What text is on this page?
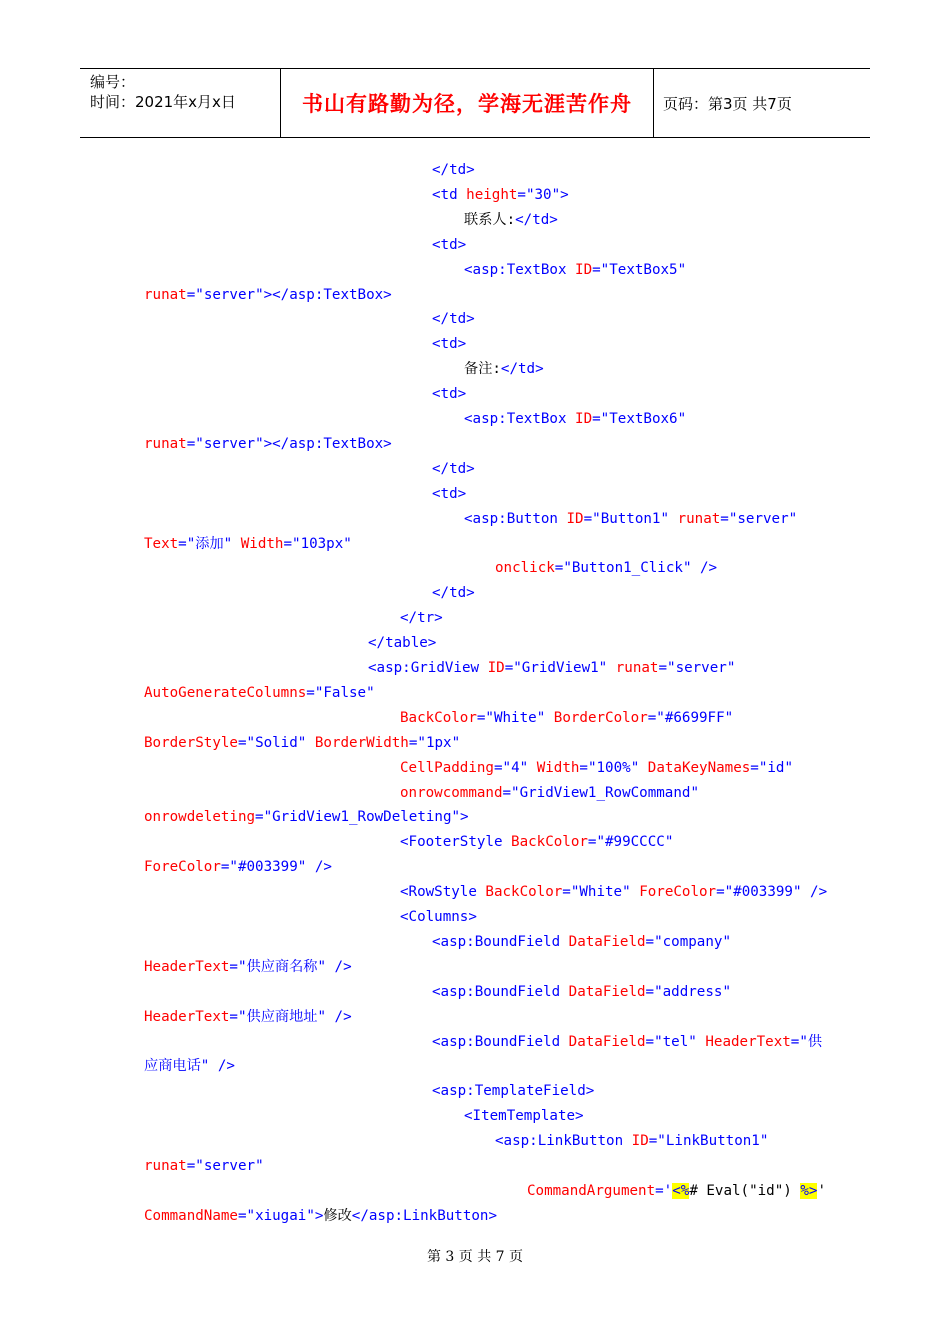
编号：
时间：2021年x月x日	书山有路勤为径，学海无涯苦作舟 页码：第3页 共7页
</td>
<td height="30">
联系人:</td>
<td>
<asp:TextBox ID="TextBox5"
runat="server"></asp:TextBox>
</td>
<td>
备注:</td>
<td>
<asp:TextBox ID="TextBox6"
runat="server"></asp:TextBox>
</td>
<td>
<asp:Button ID="Button1" runat="server"
Text="添加" Width="103px"
onclick="Button1_Click" />
</td>
</tr>
</table>
<asp:GridView ID="GridView1" runat="server"
AutoGenerateColumns="False"
BackColor="White" BorderColor="#6699FF"
BorderStyle="Solid" BorderWidth="1px"
CellPadding="4" Width="100%" DataKeyNames="id"
onrowcommand="GridView1_RowCommand"
onrowdeleting="GridView1_RowDeleting">
<FooterStyle BackColor="#99CCCC"
ForeColor="#003399" />
<RowStyle BackColor="White" ForeColor="#003399" />
<Columns>
<asp:BoundField DataField="company"
HeaderText="供应商名称" />
<asp:BoundField DataField="address"
HeaderText="供应商地址" />
<asp:BoundField DataField="tel" HeaderText="供
应商电话" />
<asp:TemplateField>
<ItemTemplate>
<asp:LinkButton ID="LinkButton1"
runat="server"
CommandArgument='<%# Eval("id") %>'
CommandName="xiugai">修改</asp:LinkButton>
第 3 页 共 7 页
